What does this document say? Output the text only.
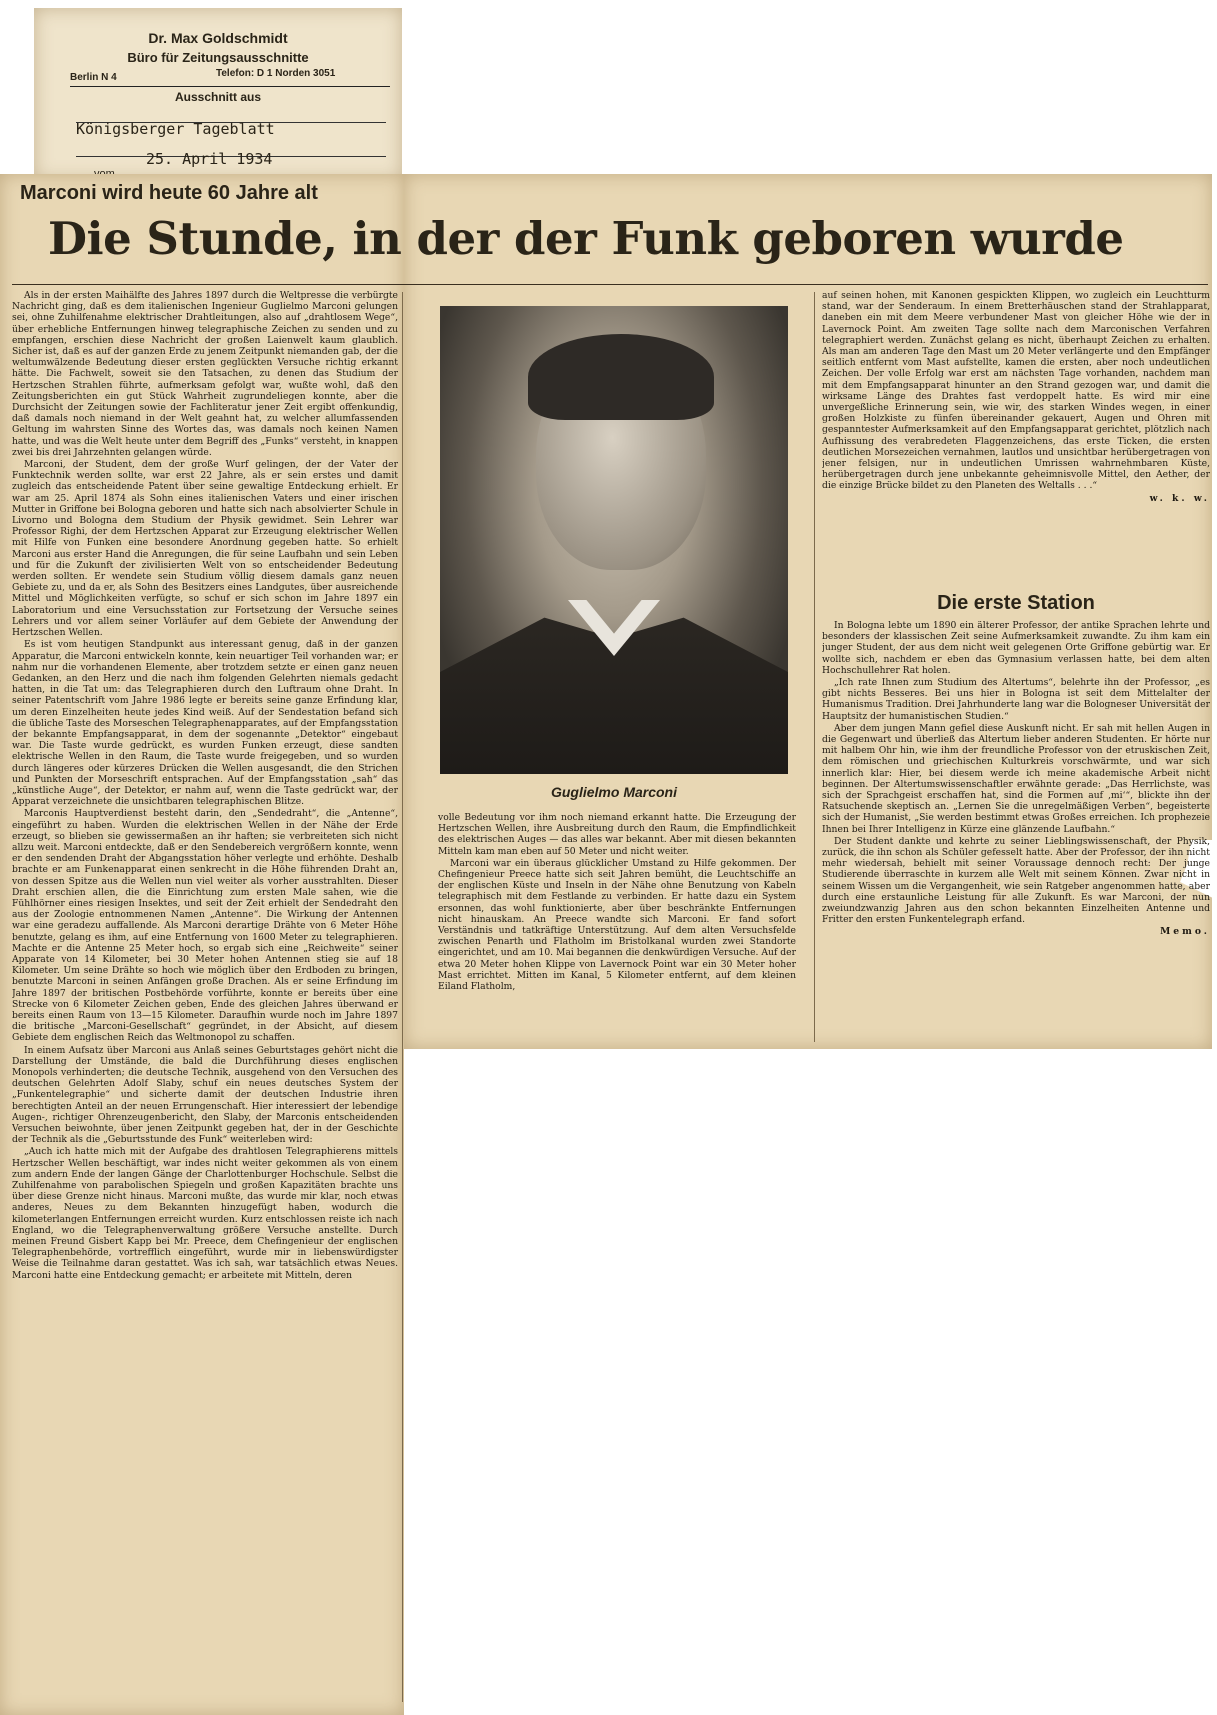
Dr. Max Goldschmidt
Büro für Zeitungsausschnitte
Berlin N 4	Telefon: D 1 Norden 3051
Ausschnitt aus
Königsberger Tageblatt
25. April 1934
Marconi wird heute 60 Jahre alt
Die Stunde, in der der Funk geboren wurde

Als in der ersten Maihälfte des Jahres 1897 durch die Weltpresse die verbürgte Nachricht ging, daß es dem italienischen Ingenieur Guglielmo Marconi gelungen sei, ohne Zuhilfenahme elektrischer Drahtleitungen, also auf „drahtlosem Wege“, über erhebliche Entfernungen hinweg telegraphische Zeichen zu senden und zu empfangen, erschien diese Nachricht der großen Laienwelt kaum glaublich. Sicher ist, daß es auf der ganzen Erde zu jenem Zeitpunkt niemanden gab, der die weltumwälzende Bedeutung dieser ersten geglückten Versuche richtig erkannt hätte. Die Fachwelt, soweit sie den Tatsachen, zu denen das Studium der Hertzschen Strahlen führte, aufmerksam gefolgt war, wußte wohl, daß den Zeitungsberichten ein gut Stück Wahrheit zugrundeliegen konnte, aber die Durchsicht der Zeitungen sowie der Fachliteratur jener Zeit ergibt offenkundig, daß damals noch niemand in der Welt geahnt hat, zu welcher allumfassenden Geltung im wahrsten Sinne des Wortes das, was damals noch keinen Namen hatte, und was die Welt heute unter dem Begriff des „Funks“ versteht, in knappen zwei bis drei Jahrzehnten gelangen würde.

Marconi, der Student, dem der große Wurf gelingen, der der Vater der Funktechnik werden sollte, war erst 22 Jahre, als er sein erstes und damit zugleich das entscheidende Patent über seine gewaltige Entdeckung erhielt. Er war am 25. April 1874 als Sohn eines italienischen Vaters und einer irischen Mutter in Griffone bei Bologna geboren und hatte sich nach absolvierter Schule in Livorno und Bologna dem Studium der Physik gewidmet. Sein Lehrer war Professor Righi, der dem Hertzschen Apparat zur Erzeugung elektrischer Wellen mit Hilfe von Funken eine besondere Anordnung gegeben hatte. So erhielt Marconi aus erster Hand die Anregungen, die für seine Laufbahn und sein Leben und für die Zukunft der zivilisierten Welt von so entscheidender Bedeutung werden sollten. Er wendete sein Studium völlig diesem damals ganz neuen Gebiete zu, und da er, als Sohn des Besitzers eines Landgutes, über ausreichende Mittel und Möglichkeiten verfügte, so schuf er sich schon im Jahre 1897 ein Laboratorium und eine Versuchsstation zur Fortsetzung der Versuche seines Lehrers und vor allem seiner Vorläufer auf dem Gebiete der Anwendung der Hertzschen Wellen.

Es ist vom heutigen Standpunkt aus interessant genug, daß in der ganzen Apparatur, die Marconi entwickeln konnte, kein neuartiger Teil vorhanden war; er nahm nur die vorhandenen Elemente, aber trotzdem setzte er einen ganz neuen Gedanken, an den Herz und die nach ihm folgenden Gelehrten niemals gedacht hatten, in die Tat um: das Telegraphieren durch den Luftraum ohne Draht. In seiner Patentschrift vom Jahre 1986 legte er bereits seine ganze Erfindung klar, um deren Einzelheiten heute jedes Kind weiß. Auf der Sendestation befand sich die übliche Taste des Morseschen Telegraphenapparates, auf der Empfangsstation der bekannte Empfangsapparat, in dem der sogenannte „Detektor“ eingebaut war. Die Taste wurde gedrückt, es wurden Funken erzeugt, diese sandten elektrische Wellen in den Raum, die Taste wurde freigegeben, und so wurden durch längeres oder kürzeres Drücken die Wellen ausgesandt, die den Strichen und Punkten der Morseschrift entsprachen. Auf der Empfangsstation „sah“ das „künstliche Auge“, der Detektor, er nahm auf, wenn die Taste gedrückt war, der Apparat verzeichnete die unsichtbaren telegraphischen Blitze.

Marconis Hauptverdienst besteht darin, den „Sendedraht“, die „Antenne“, eingeführt zu haben. Wurden die elektrischen Wellen in der Nähe der Erde erzeugt, so blieben sie gewissermaßen an ihr haften; sie verbreiteten sich nicht allzu weit. Marconi entdeckte, daß er den Sendebereich vergrößern konnte, wenn er den sendenden Draht der Abgangsstation höher verlegte und erhöhte. Deshalb brachte er am Funkenapparat einen senkrecht in die Höhe führenden Draht an, von dessen Spitze aus die Wellen nun viel weiter als vorher ausstrahlten. Dieser Draht erschien allen, die die Einrichtung zum ersten Male sahen, wie die Fühlhörner eines riesigen Insektes, und seit der Zeit erhielt der Sendedraht den aus der Zoologie entnommenen Namen „Antenne“. Die Wirkung der Antennen war eine geradezu auffallende. Als Marconi derartige Drähte von 6 Meter Höhe benutzte, gelang es ihm, auf eine Entfernung von 1600 Meter zu telegraphieren. Machte er die Antenne 25 Meter hoch, so ergab sich eine „Reichweite“ seiner Apparate von 14 Kilometer, bei 30 Meter hohen Antennen stieg sie auf 18 Kilometer. Um seine Drähte so hoch wie möglich über den Erdboden zu bringen, benutzte Marconi in seinen Anfängen große Drachen. Als er seine Erfindung im Jahre 1897 der britischen Postbehörde vorführte, konnte er bereits über eine Strecke von 6 Kilometer Zeichen geben, Ende des gleichen Jahres überwand er bereits einen Raum von 13—15 Kilometer. Daraufhin wurde noch im Jahre 1897 die britische „Marconi-Gesellschaft“ gegründet, in der Absicht, auf diesem Gebiete dem englischen Reich das Weltmonopol zu schaffen.

In einem Aufsatz über Marconi aus Anlaß seines Geburtstages gehört nicht die Darstellung der Umstände, die bald die Durchführung dieses englischen Monopols verhinderten; die deutsche Technik, ausgehend von den Versuchen des deutschen Gelehrten Adolf Slaby, schuf ein neues deutsches System der „Funkentelegraphie“ und sicherte damit der deutschen Industrie ihren berechtigten Anteil an der neuen Errungenschaft. Hier interessiert der lebendige Augen-, richtiger Ohrenzeugenbericht, den Slaby, der Marconis entscheidenden Versuchen beiwohnte, über jenen Zeitpunkt gegeben hat, der in der Geschichte der Technik als die „Geburtsstunde des Funk“ weiterleben wird:

„Auch ich hatte mich mit der Aufgabe des drahtlosen Telegraphierens mittels Hertzscher Wellen beschäftigt, war indes nicht weiter gekommen als von einem zum andern Ende der langen Gänge der Charlottenburger Hochschule. Selbst die Zuhilfenahme von parabolischen Spiegeln und großen Kapazitäten brachte uns über diese Grenze nicht hinaus. Marconi mußte, das wurde mir klar, noch etwas anderes, Neues zu dem Bekannten hinzugefügt haben, wodurch die kilometerlangen Entfernungen erreicht wurden. Kurz entschlossen reiste ich nach England, wo die Telegraphenverwaltung größere Versuche anstellte. Durch meinen Freund Gisbert Kapp bei Mr. Preece, dem Chefingenieur der englischen Telegraphenbehörde, vortrefflich eingeführt, wurde mir in liebenswürdigster Weise die Teilnahme daran gestattet. Was ich sah, war tatsächlich etwas Neues. Marconi hatte eine Entdeckung gemacht; er arbeitete mit Mitteln, deren

Guglielmo Marconi

volle Bedeutung vor ihm noch niemand erkannt hatte. Die Erzeugung der Hertzschen Wellen, ihre Ausbreitung durch den Raum, die Empfindlichkeit des elektrischen Auges — das alles war bekannt. Aber mit diesen bekannten Mitteln kam man eben auf 50 Meter und nicht weiter.

Marconi war ein überaus glücklicher Umstand zu Hilfe gekommen. Der Chefingenieur Preece hatte sich seit Jahren bemüht, die Leuchtschiffe an der englischen Küste und Inseln in der Nähe ohne Benutzung von Kabeln telegraphisch mit dem Festlande zu verbinden. Er hatte dazu ein System ersonnen, das wohl funktionierte, aber über beschränkte Entfernungen nicht hinauskam. An Preece wandte sich Marconi. Er fand sofort Verständnis und tatkräftige Unterstützung. Auf dem alten Versuchsfelde zwischen Penarth und Flatholm im Bristolkanal wurden zwei Standorte eingerichtet, und am 10. Mai begannen die denkwürdigen Versuche. Auf der etwa 20 Meter hohen Klippe von Lavernock Point war ein 30 Meter hoher Mast errichtet. Mitten im Kanal, 5 Kilometer entfernt, auf dem kleinen Eiland Flatholm,

auf seinen hohen, mit Kanonen gespickten Klippen, wo zugleich ein Leuchtturm stand, war der Senderaum. In einem Bretterhäuschen stand der Strahlapparat, daneben ein mit dem Meere verbundener Mast von gleicher Höhe wie der in Lavernock Point. Am zweiten Tage sollte nach dem Marconischen Verfahren telegraphiert werden. Zunächst gelang es nicht, überhaupt Zeichen zu erhalten. Als man am anderen Tage den Mast um 20 Meter verlängerte und den Empfänger seitlich entfernt vom Mast aufstellte, kamen die ersten, aber noch undeutlichen Zeichen. Der volle Erfolg war erst am nächsten Tage vorhanden, nachdem man mit dem Empfangsapparat hinunter an den Strand gezogen war, und damit die wirksame Länge des Drahtes fast verdoppelt hatte. Es wird mir eine unvergeßliche Erinnerung sein, wie wir, des starken Windes wegen, in einer großen Holzkiste zu fünfen übereinander gekauert, Augen und Ohren mit gespanntester Aufmerksamkeit auf den Empfangsapparat gerichtet, plötzlich nach Aufhissung des verabredeten Flaggenzeichens, das erste Ticken, die ersten deutlichen Morsezeichen vernahmen, lautlos und unsichtbar herübergetragen von jener felsigen, nur in undeutlichen Umrissen wahrnehmbaren Küste, herübergetragen durch jene unbekannte geheimnisvolle Mittel, den Aether, der die einzige Brücke bildet zu den Planeten des Weltalls . . .“

w. k. w.
Die erste Station

In Bologna lebte um 1890 ein älterer Professor, der antike Sprachen lehrte und besonders der klassischen Zeit seine Aufmerksamkeit zuwandte. Zu ihm kam ein junger Student, der aus dem nicht weit gelegenen Orte Griffone gebürtig war. Er wollte sich, nachdem er eben das Gymnasium verlassen hatte, bei dem alten Hochschullehrer Rat holen.

„Ich rate Ihnen zum Studium des Altertums“, belehrte ihn der Professor, „es gibt nichts Besseres. Bei uns hier in Bologna ist seit dem Mittelalter der Humanismus Tradition. Drei Jahrhunderte lang war die Bologneser Universität der Hauptsitz der humanistischen Studien.“

Aber dem jungen Mann gefiel diese Auskunft nicht. Er sah mit hellen Augen in die Gegenwart und überließ das Altertum lieber anderen Studenten. Er hörte nur mit halbem Ohr hin, wie ihm der freundliche Professor von der etruskischen Zeit, dem römischen und griechischen Kulturkreis vorschwärmte, und war sich innerlich klar: Hier, bei diesem werde ich meine akademische Arbeit nicht beginnen. Der Altertumswissenschaftler erwähnte gerade: „Das Herrlichste, was sich der Sprachgeist erschaffen hat, sind die Formen auf ‚mi‘“, blickte ihn der Ratsuchende skeptisch an. „Lernen Sie die unregelmäßigen Verben“, begeisterte sich der Humanist, „Sie werden bestimmt etwas Großes erreichen. Ich prophezeie Ihnen bei Ihrer Intelligenz in Kürze eine glänzende Laufbahn.“

Der Student dankte und kehrte zu seiner Lieblingswissenschaft, der Physik, zurück, die ihn schon als Schüler gefesselt hatte. Aber der Professor, der ihn nicht mehr wiedersah, behielt mit seiner Voraussage dennoch recht: Der junge Studierende überraschte in kurzem alle Welt mit seinem Können. Zwar nicht in seinem Wissen um die Vergangenheit, wie sein Ratgeber angenommen hatte, aber durch eine erstaunliche Leistung für alle Zukunft. Es war Marconi, der nun zweiundzwanzig Jahren aus den schon bekannten Einzelheiten Antenne und Fritter den ersten Funkentelegraph erfand.

Memo.
